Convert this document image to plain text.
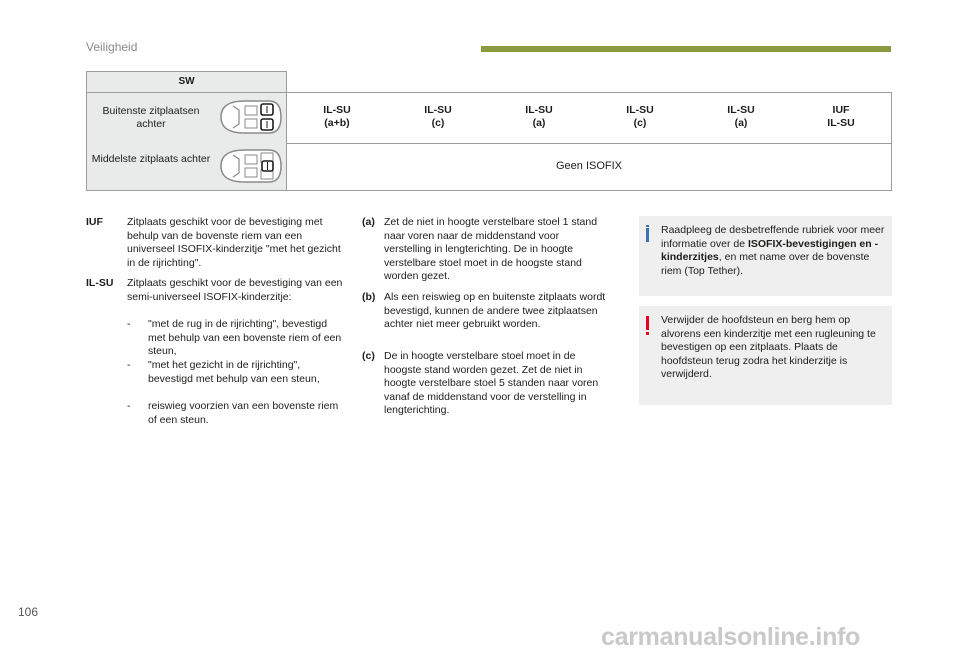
Veiligheid
SW
Buitenste zitplaatsen achter
IL-SU
(a+b)
IL-SU
(c)
IL-SU
(a)
IL-SU
(c)
IL-SU
(a)
IUF
IL-SU
Middelste zitplaats achter
Geen ISOFIX
IUF Zitplaats geschikt voor de bevestiging met behulp van de bovenste riem van een universeel ISOFIX-kinderzitje "met het gezicht in de rijrichting".
IL-SU Zitplaats geschikt voor de bevestiging van een semi-universeel ISOFIX-kinderzitje:
- "met de rug in de rijrichting", bevestigd met behulp van een bovenste riem of een steun,
- "met het gezicht in de rijrichting", bevestigd met behulp van een steun,
- reiswieg voorzien van een bovenste riem of een steun.
(a) Zet de niet in hoogte verstelbare stoel 1 stand naar voren naar de middenstand voor verstelling in lengterichting. De in hoogte verstelbare stoel moet in de hoogste stand worden gezet.
(b) Als een reiswieg op en buitenste zitplaats wordt bevestigd, kunnen de andere twee zitplaatsen achter niet meer gebruikt worden.
(c) De in hoogte verstelbare stoel moet in de hoogste stand worden gezet. Zet de niet in hoogte verstelbare stoel 5 standen naar voren vanaf de middenstand voor de verstelling in lengterichting.
Raadpleeg de desbetreffende rubriek voor meer informatie over de ISOFIX-bevestigingen en -kinderzitjes, en met name over de bovenste riem (Top Tether).
Verwijder de hoofdsteun en berg hem op alvorens een kinderzitje met een rugleuning te bevestigen op een zitplaats. Plaats de hoofdsteun terug zodra het kinderzitje is verwijderd.
106
carmanualsonline.info
